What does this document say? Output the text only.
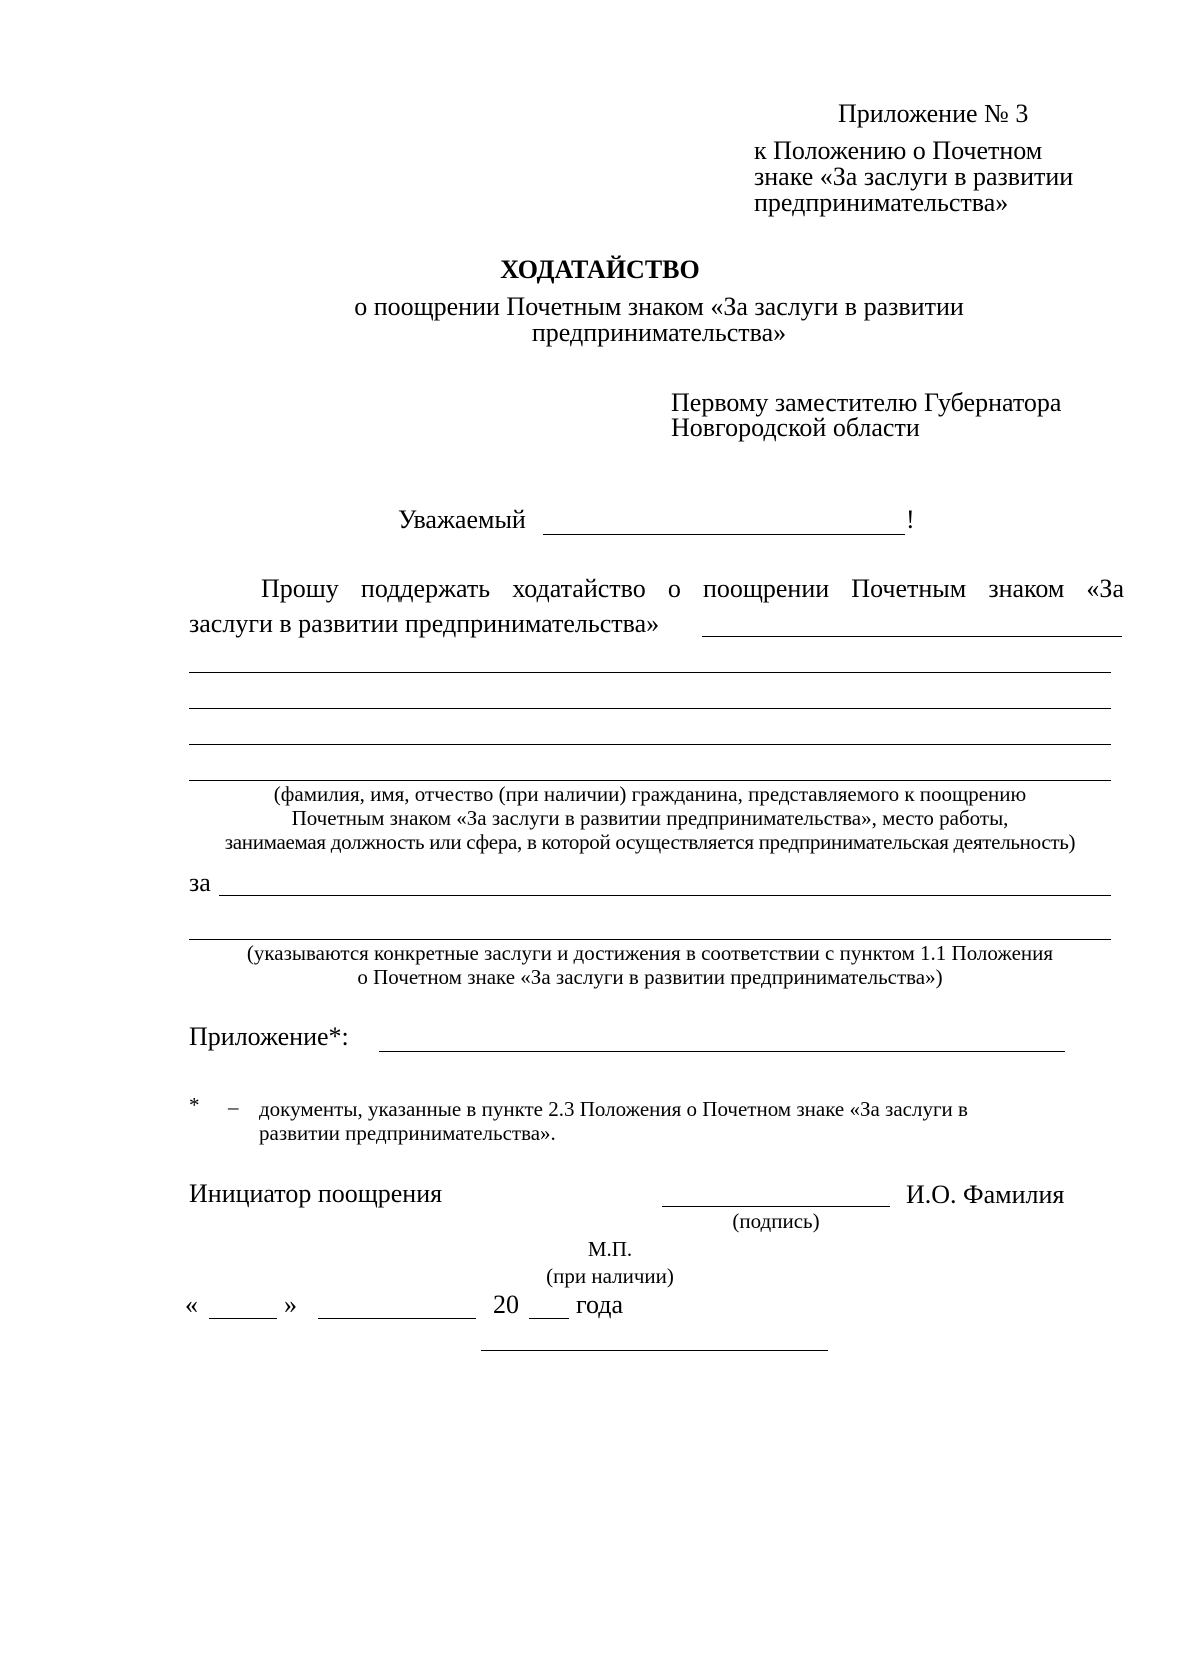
Приложение № 3
к Положению о Почетном
знаке «За заслуги в развитии
предпринимательства»
ХОДАТАЙСТВО
о поощрении Почетным знаком «За заслуги в развитии
предпринимательства»
Первому заместителю Губернатора
Новгородской области
Уважаемый	!
Прошу поддержать ходатайство о поощрении Почетным знаком «За
заслуги в развитии предпринимательства»
(фамилия, имя, отчество (при наличии) гражданина, представляемого к поощрению
Почетным знаком «За заслуги в развитии предпринимательства», место работы,
занимаемая должность или сфера, в которой осуществляется предпринимательская деятельность)
за
(указываются конкретные заслуги и достижения в соответствии с пунктом 1.1 Положения
о Почетном знаке «За заслуги в развитии предпринимательства»)
Приложение*:
* – документы, указанные в пункте 2.3 Положения о Почетном знаке «За заслуги в
развитии предпринимательства».
Инициатор поощрения	И.О. Фамилия
(подпись)
М.П.
(при наличии)
«	»	20 года
